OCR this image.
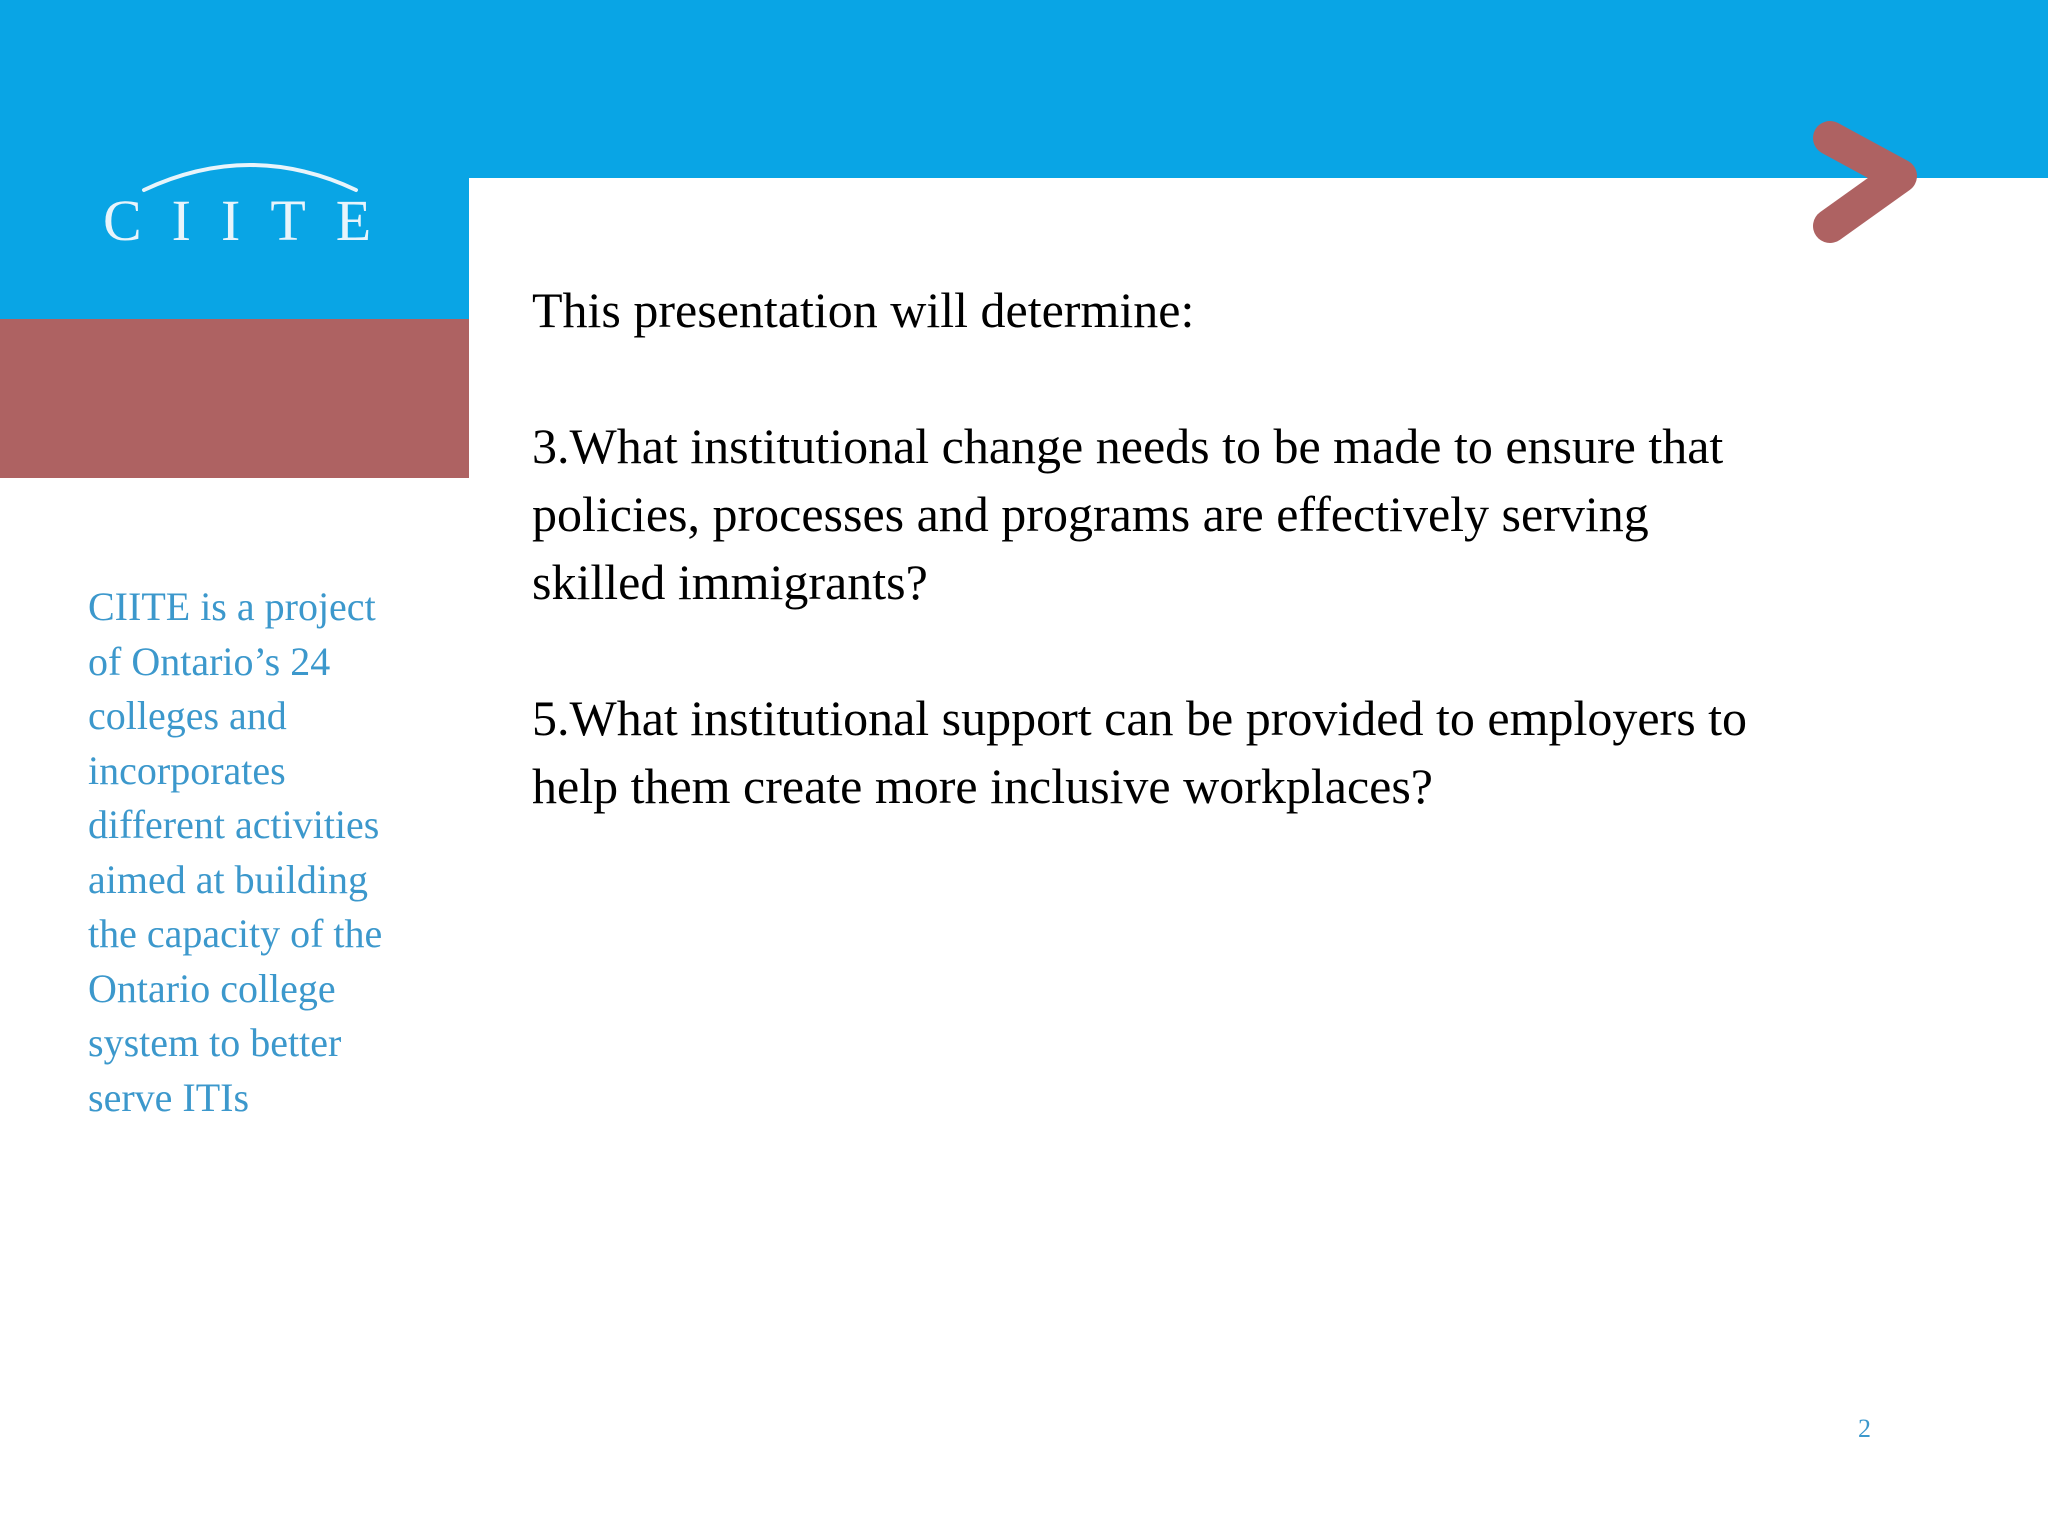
CIITE
CIITE is a project
of Ontario’s 24
colleges and
incorporates
different activities
aimed at building
the capacity of the
Ontario college
system to better
serve ITIs
This presentation will determine:
3.What institutional change needs to be made to ensure that
policies, processes and programs are effectively serving
skilled immigrants?
5.What institutional support can be provided to employers to
help them create more inclusive workplaces?
2
